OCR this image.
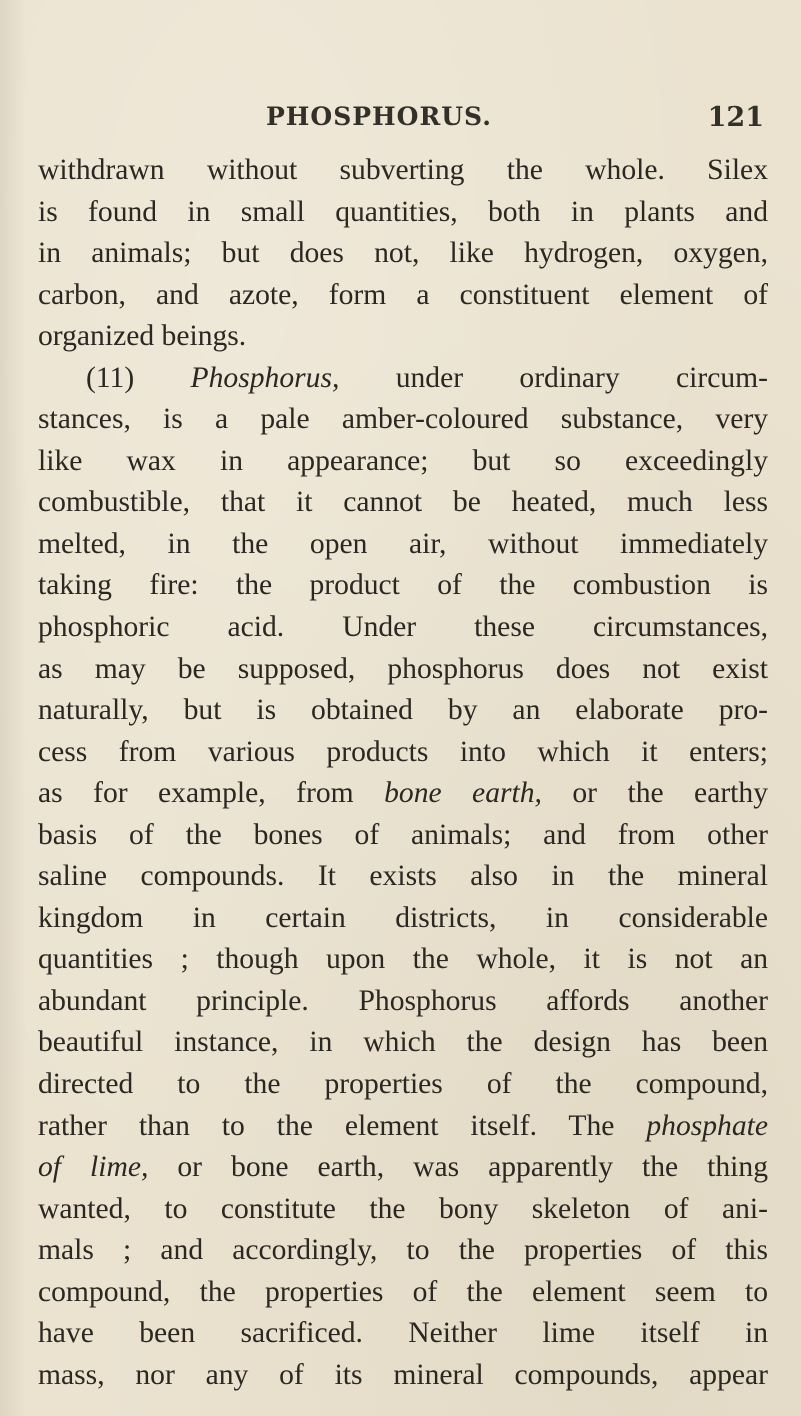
PHOSPHORUS.	121
withdrawn without subverting the whole. Silex
is found in small quantities, both in plants and
in animals; but does not, like hydrogen, oxygen,
carbon, and azote, form a constituent element of
organized beings.
(11) Phosphorus, under ordinary circum-
stances, is a pale amber-coloured substance, very
like wax in appearance; but so exceedingly
combustible, that it cannot be heated, much less
melted, in the open air, without immediately
taking fire: the product of the combustion is
phosphoric acid. Under these circumstances,
as may be supposed, phosphorus does not exist
naturally, but is obtained by an elaborate pro-
cess from various products into which it enters;
as for example, from bone earth, or the earthy
basis of the bones of animals; and from other
saline compounds. It exists also in the mineral
kingdom in certain districts, in considerable
quantities ; though upon the whole, it is not an
abundant principle. Phosphorus affords another
beautiful instance, in which the design has been
directed to the properties of the compound,
rather than to the element itself. The phosphate
of lime, or bone earth, was apparently the thing
wanted, to constitute the bony skeleton of ani-
mals ; and accordingly, to the properties of this
compound, the properties of the element seem to
have been sacrificed. Neither lime itself in
mass, nor any of its mineral compounds, appear
